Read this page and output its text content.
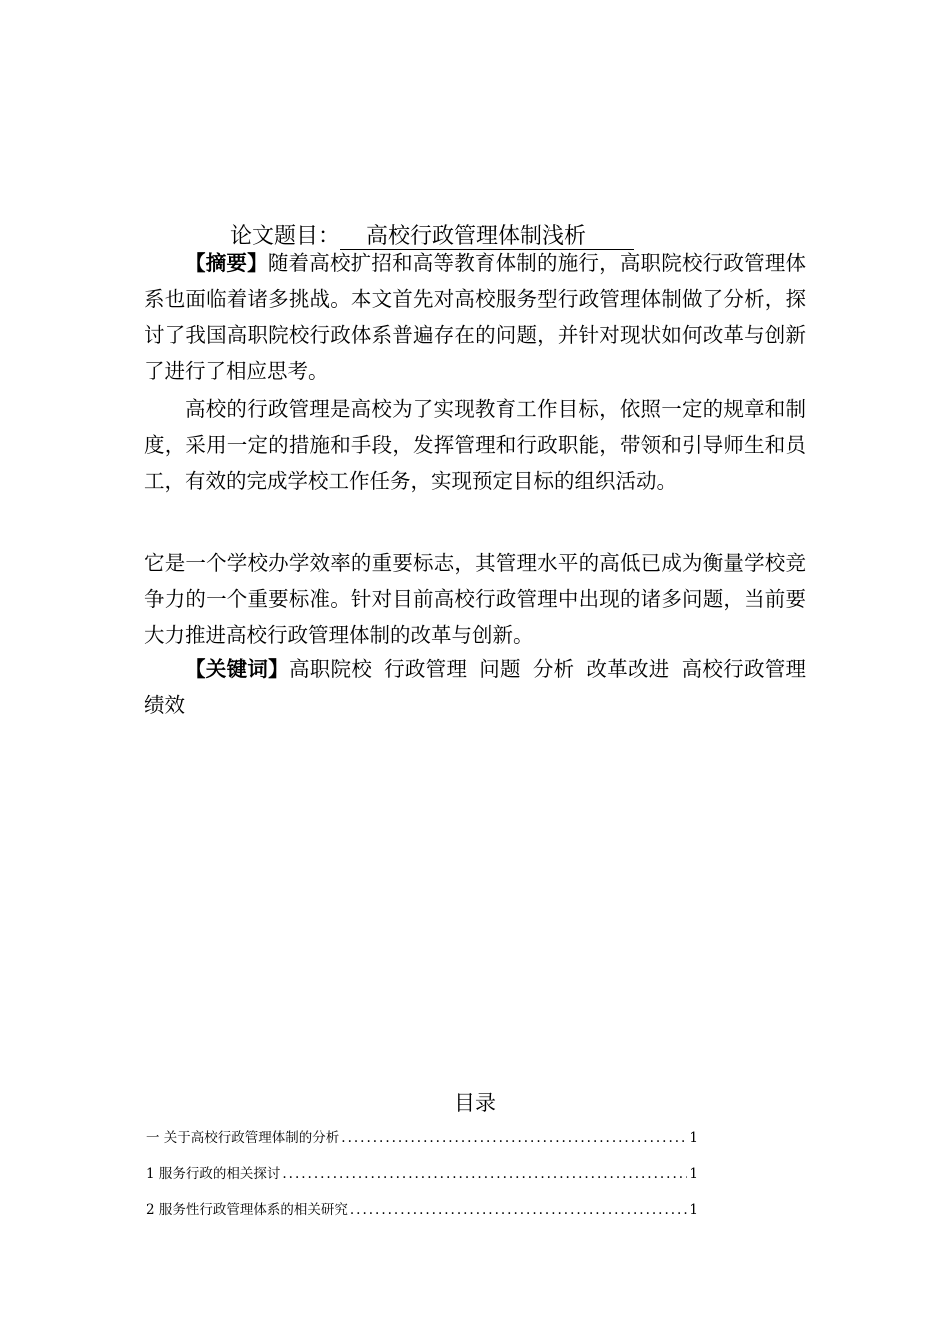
论文题目： 高校行政管理体制浅析
【摘要】随着高校扩招和高等教育体制的施行，高职院校行政管理体系也面临着诸多挑战。本文首先对高校服务型行政管理体制做了分析，探讨了我国高职院校行政体系普遍存在的问题，并针对现状如何改革与创新了进行了相应思考。
高校的行政管理是高校为了实现教育工作目标，依照一定的规章和制度，采用一定的措施和手段，发挥管理和行政职能，带领和引导师生和员工，有效的完成学校工作任务，实现预定目标的组织活动。
它是一个学校办学效率的重要标志，其管理水平的高低已成为衡量学校竞争力的一个重要标准。针对目前高校行政管理中出现的诸多问题，当前要大力推进高校行政管理体制的改革与创新。
【关键词】高职院校 行政管理 问题 分析 改革改进 高校行政管理绩效
目录
一 关于高校行政管理体制的分析 .....	1
1 服务行政的相关探讨 .....	1
2 服务性行政管理体系的相关研究 .....	1
